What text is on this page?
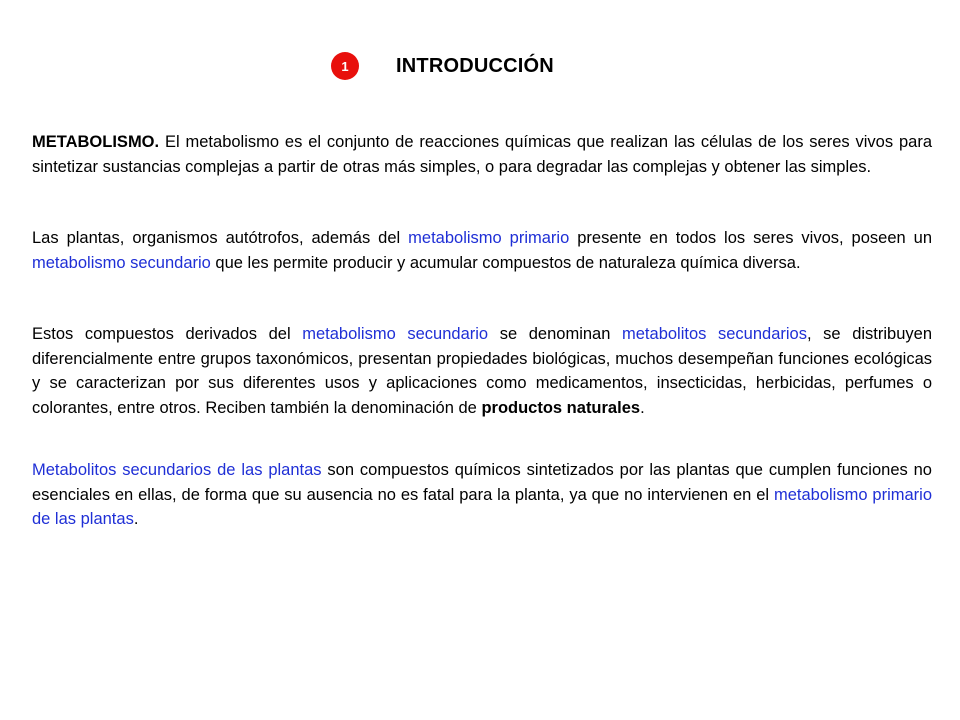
1	INTRODUCCIÓN

METABOLISMO. El metabolismo es el conjunto de reacciones químicas que realizan las células de los seres vivos para sintetizar sustancias complejas a partir de otras más simples, o para degradar las complejas y obtener las simples.

Las plantas, organismos autótrofos, además del metabolismo primario presente en todos los seres vivos, poseen un metabolismo secundario que les permite producir y acumular compuestos de naturaleza química diversa.

Estos compuestos derivados del metabolismo secundario se denominan metabolitos secundarios, se distribuyen diferencialmente entre grupos taxonómicos, presentan propiedades biológicas, muchos desempeñan funciones ecológicas y se caracterizan por sus diferentes usos y aplicaciones como medicamentos, insecticidas, herbicidas, perfumes o colorantes, entre otros. Reciben también la denominación de productos naturales.

Metabolitos secundarios de las plantas son compuestos químicos sintetizados por las plantas que cumplen funciones no esenciales en ellas, de forma que su ausencia no es fatal para la planta, ya que no intervienen en el metabolismo primario de las plantas.
